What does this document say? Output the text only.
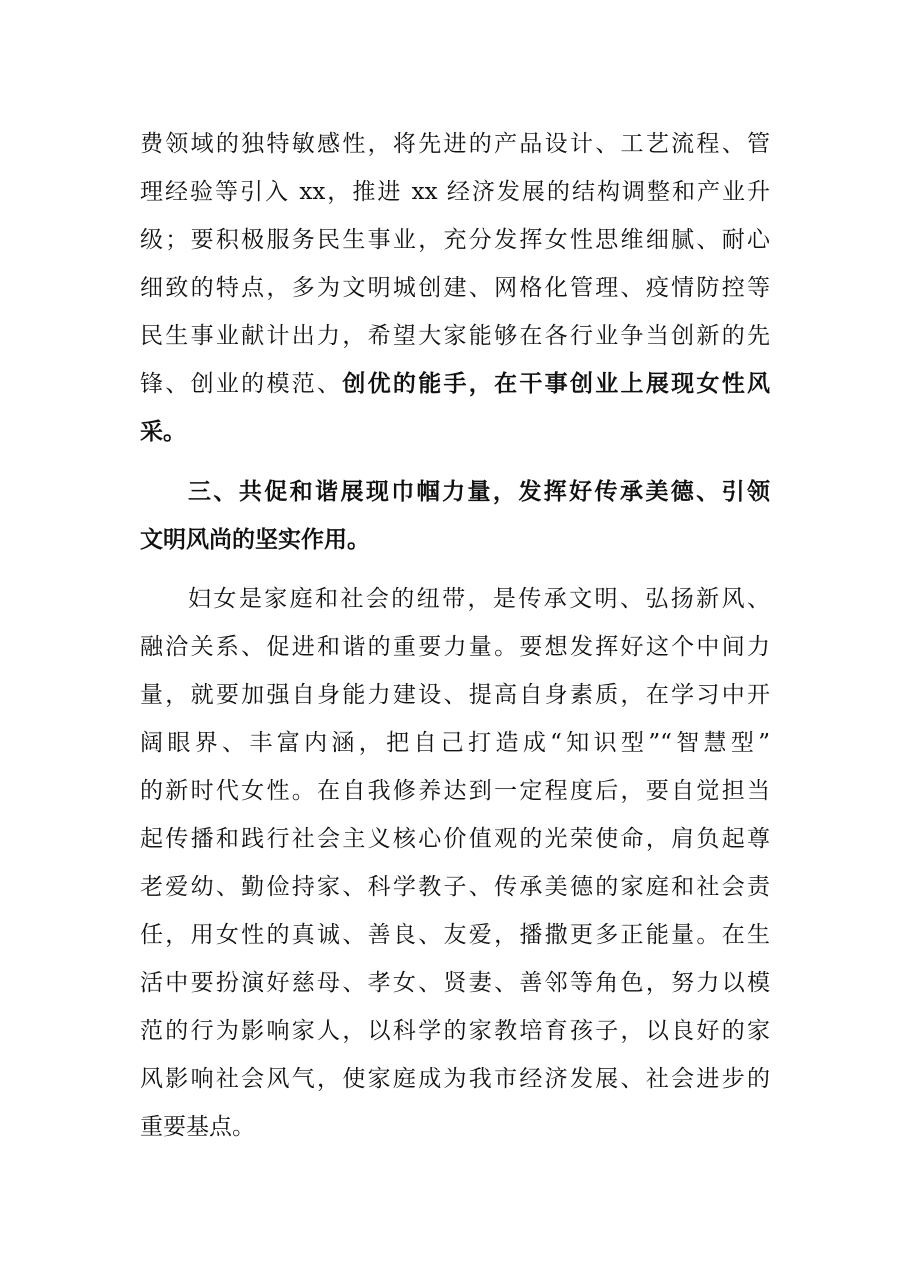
费领域的独特敏感性，将先进的产品设计、工艺流程、管
理经验等引入 xx，推进 xx 经济发展的结构调整和产业升
级；要积极服务民生事业，充分发挥女性思维细腻、耐心
细致的特点，多为文明城创建、网格化管理、疫情防控等
民生事业献计出力，希望大家能够在各行业争当创新的先
锋、创业的模范、创优的能手，在干事创业上展现女性风
采。
三、共促和谐展现巾帼力量，发挥好传承美德、引领
文明风尚的坚实作用。
妇女是家庭和社会的纽带，是传承文明、弘扬新风、
融洽关系、促进和谐的重要力量。要想发挥好这个中间力
量，就要加强自身能力建设、提高自身素质，在学习中开
阔眼界、丰富内涵，把自己打造成“知识型”“智慧型”
的新时代女性。在自我修养达到一定程度后，要自觉担当
起传播和践行社会主义核心价值观的光荣使命，肩负起尊
老爱幼、勤俭持家、科学教子、传承美德的家庭和社会责
任，用女性的真诚、善良、友爱，播撒更多正能量。在生
活中要扮演好慈母、孝女、贤妻、善邻等角色，努力以模
范的行为影响家人，以科学的家教培育孩子，以良好的家
风影响社会风气，使家庭成为我市经济发展、社会进步的
重要基点。
